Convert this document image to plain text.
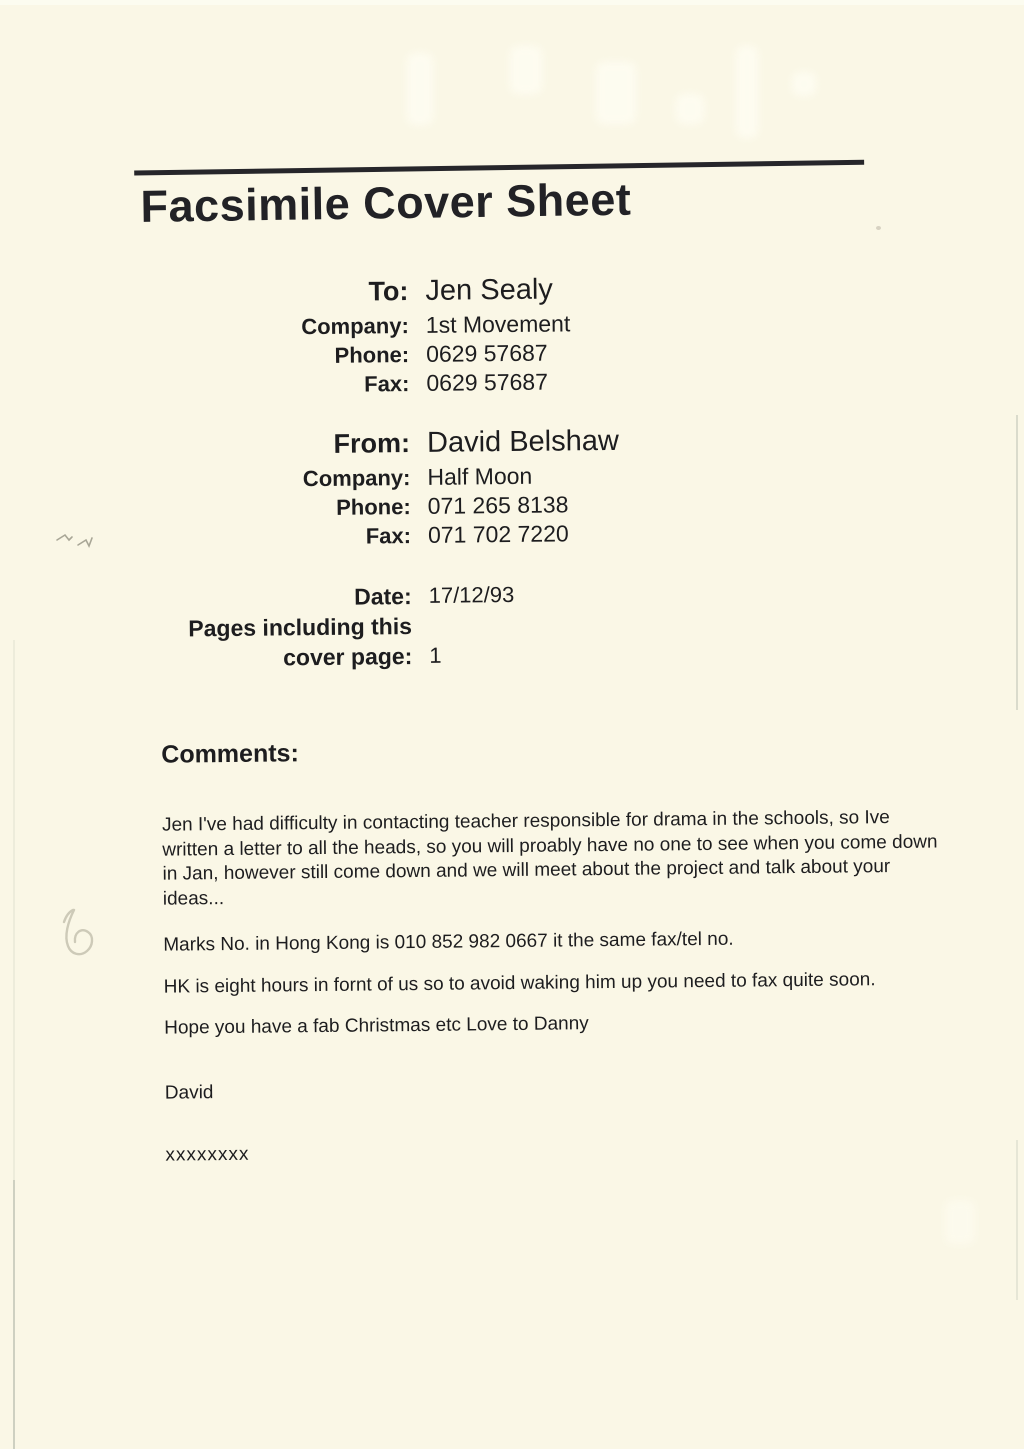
Facsimile Cover Sheet
To: Jen Sealy
Company: 1st Movement
Phone: 0629 57687
Fax: 0629 57687
From: David Belshaw
Company: Half Moon
Phone: 071 265 8138
Fax: 071 702 7220
Date: 17/12/93
Pages including this
cover page: 1
Comments:
Jen I've had difficulty in contacting teacher responsible for drama in the schools, so Ive
written a letter to all the heads, so you will proably have no one to see when you come down
in Jan, however still come down and we will meet about the project and talk about your
ideas...
Marks No. in Hong Kong is 010 852 982 0667 it the same fax/tel no.
HK is eight hours in fornt of us so to avoid waking him up you need to fax quite soon.
Hope you have a fab Christmas etc Love to Danny
David
xxxxxxxx
